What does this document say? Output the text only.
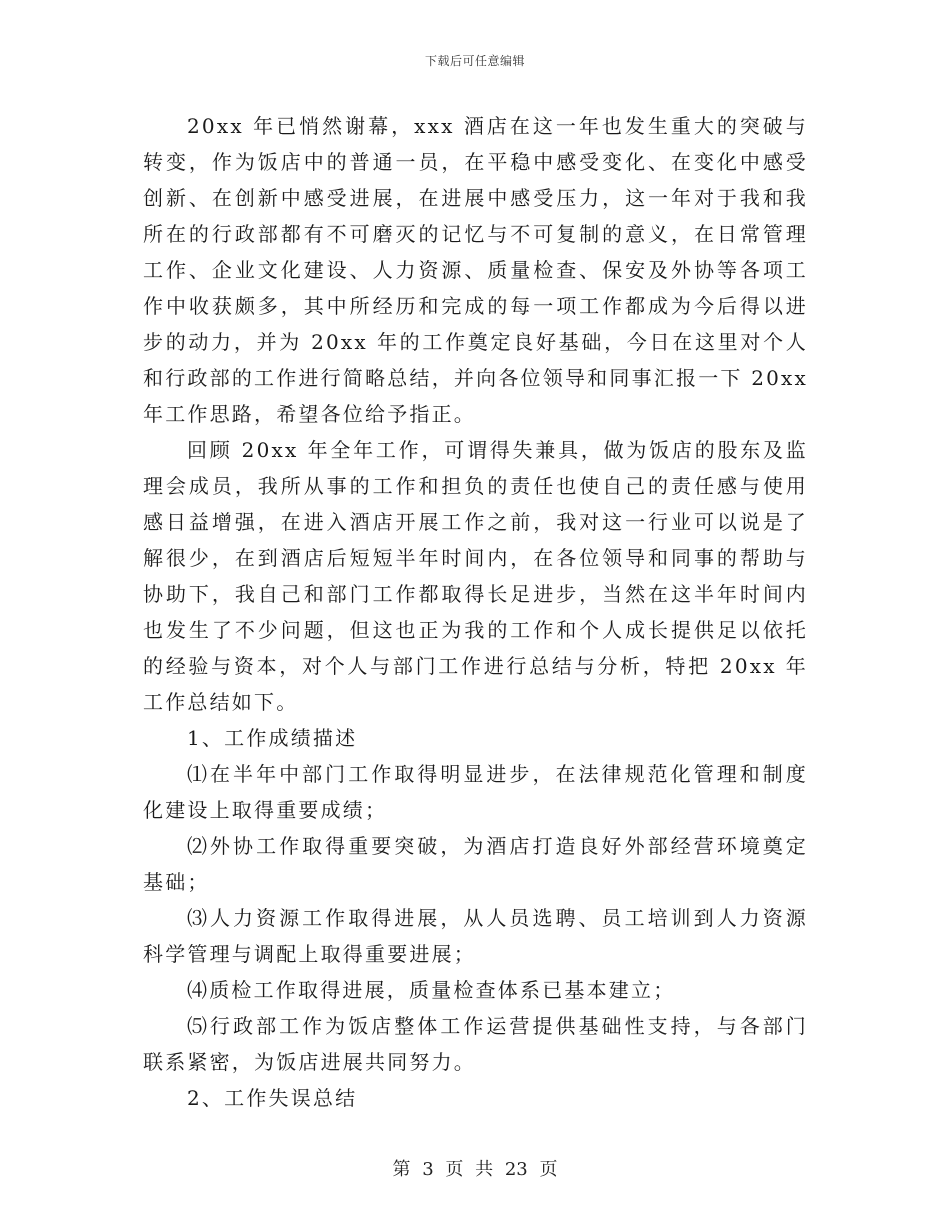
下载后可任意编辑

20xx 年已悄然谢幕，xxx 酒店在这一年也发生重大的突破与转变，作为饭店中的普通一员，在平稳中感受变化、在变化中感受创新、在创新中感受进展，在进展中感受压力，这一年对于我和我所在的行政部都有不可磨灭的记忆与不可复制的意义，在日常管理工作、企业文化建设、人力资源、质量检查、保安及外协等各项工作中收获颇多，其中所经历和完成的每一项工作都成为今后得以进步的动力，并为 20xx 年的工作奠定良好基础，今日在这里对个人和行政部的工作进行简略总结，并向各位领导和同事汇报一下 20xx 年工作思路，希望各位给予指正。

回顾 20xx 年全年工作，可谓得失兼具，做为饭店的股东及监理会成员，我所从事的工作和担负的责任也使自己的责任感与使用感日益增强，在进入酒店开展工作之前，我对这一行业可以说是了解很少，在到酒店后短短半年时间内，在各位领导和同事的帮助与协助下，我自己和部门工作都取得长足进步，当然在这半年时间内也发生了不少问题，但这也正为我的工作和个人成长提供足以依托的经验与资本，对个人与部门工作进行总结与分析，特把 20xx 年工作总结如下。

1、工作成绩描述

⑴在半年中部门工作取得明显进步，在法律规范化管理和制度化建设上取得重要成绩；

⑵外协工作取得重要突破，为酒店打造良好外部经营环境奠定基础；

⑶人力资源工作取得进展，从人员选聘、员工培训到人力资源科学管理与调配上取得重要进展；

⑷质检工作取得进展，质量检查体系已基本建立；

⑸行政部工作为饭店整体工作运营提供基础性支持，与各部门联系紧密，为饭店进展共同努力。

2、工作失误总结

第 3 页 共 23 页
